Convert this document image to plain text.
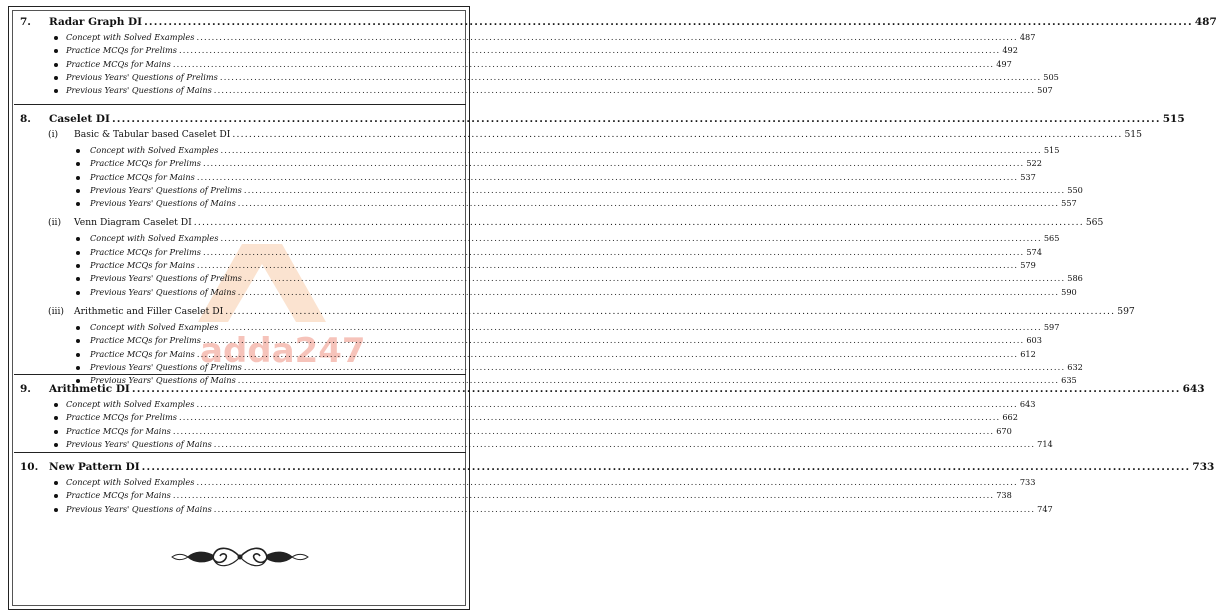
adda247
7. Radar Graph DI .....	487
Concept with Solved Examples .....	487
Practice MCQs for Prelims .....	492
Practice MCQs for Mains .....	497
Previous Years' Questions of Prelims .....	505
Previous Years' Questions of Mains .....	507
8. Caselet DI .....	515
(i)	Basic & Tabular based Caselet DI .....	515
Concept with Solved Examples .....	515
Practice MCQs for Prelims .....	522
Practice MCQs for Mains .....	537
Previous Years' Questions of Prelims .....	550
Previous Years' Questions of Mains .....	557
(ii)	Venn Diagram Caselet DI .....	565
Concept with Solved Examples .....	565
Practice MCQs for Prelims .....	574
Practice MCQs for Mains .....	579
Previous Years' Questions of Prelims .....	586
Previous Years' Questions of Mains .....	590
(iii)	Arithmetic and Filler Caselet DI .....	597
Concept with Solved Examples .....	597
Practice MCQs for Prelims .....	603
Practice MCQs for Mains .....	612
Previous Years' Questions of Prelims .....	632
Previous Years' Questions of Mains .....	635
9. Arithmetic DI .....	643
Concept with Solved Examples .....	643
Practice MCQs for Prelims .....	662
Practice MCQs for Mains .....	670
Previous Years' Questions of Mains .....	714
10. New Pattern DI .....	733
Concept with Solved Examples .....	733
Practice MCQs for Mains .....	738
Previous Years' Questions of Mains .....	747
